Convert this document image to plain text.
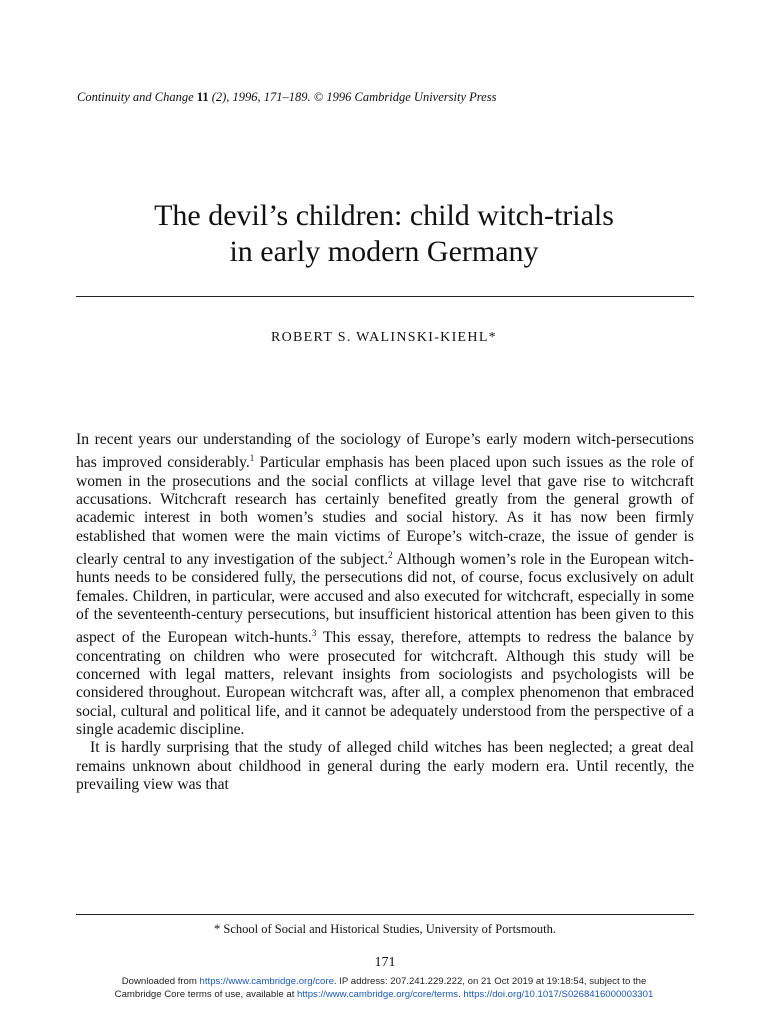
Continuity and Change 11 (2), 1996, 171–189. © 1996 Cambridge University Press
The devil’s children: child witch-trials
in early modern Germany
ROBERT S. WALINSKI-KIEHL*

In recent years our understanding of the sociology of Europe’s early modern witch-persecutions has improved considerably.$^1$ Particular emphasis has been placed upon such issues as the role of women in the prosecutions and the social conflicts at village level that gave rise to witchcraft accusations. Witchcraft research has certainly benefited greatly from the general growth of academic interest in both women’s studies and social history. As it has now been firmly established that women were the main victims of Europe’s witch-craze, the issue of gender is clearly central to any investigation of the subject.$^2$ Although women’s role in the European witch-hunts needs to be considered fully, the persecutions did not, of course, focus exclusively on adult females. Children, in particular, were accused and also executed for witchcraft, especially in some of the seventeenth-century persecutions, but insufficient historical attention has been given to this aspect of the European witch-hunts.$^3$ This essay, therefore, attempts to redress the balance by concentrating on children who were prosecuted for witchcraft. Although this study will be concerned with legal matters, relevant insights from sociologists and psychologists will be considered throughout. European witchcraft was, after all, a complex phenomenon that embraced social, cultural and political life, and it cannot be adequately understood from the perspective of a single academic discipline.

It is hardly surprising that the study of alleged child witches has been neglected; a great deal remains unknown about childhood in general during the early modern era. Until recently, the prevailing view was that

* School of Social and Historical Studies, University of Portsmouth.
171
Downloaded from https://www.cambridge.org/core. IP address: 207.241.229.222, on 21 Oct 2019 at 19:18:54, subject to the
Cambridge Core terms of use, available at https://www.cambridge.org/core/terms. https://doi.org/10.1017/S0268416000003301
